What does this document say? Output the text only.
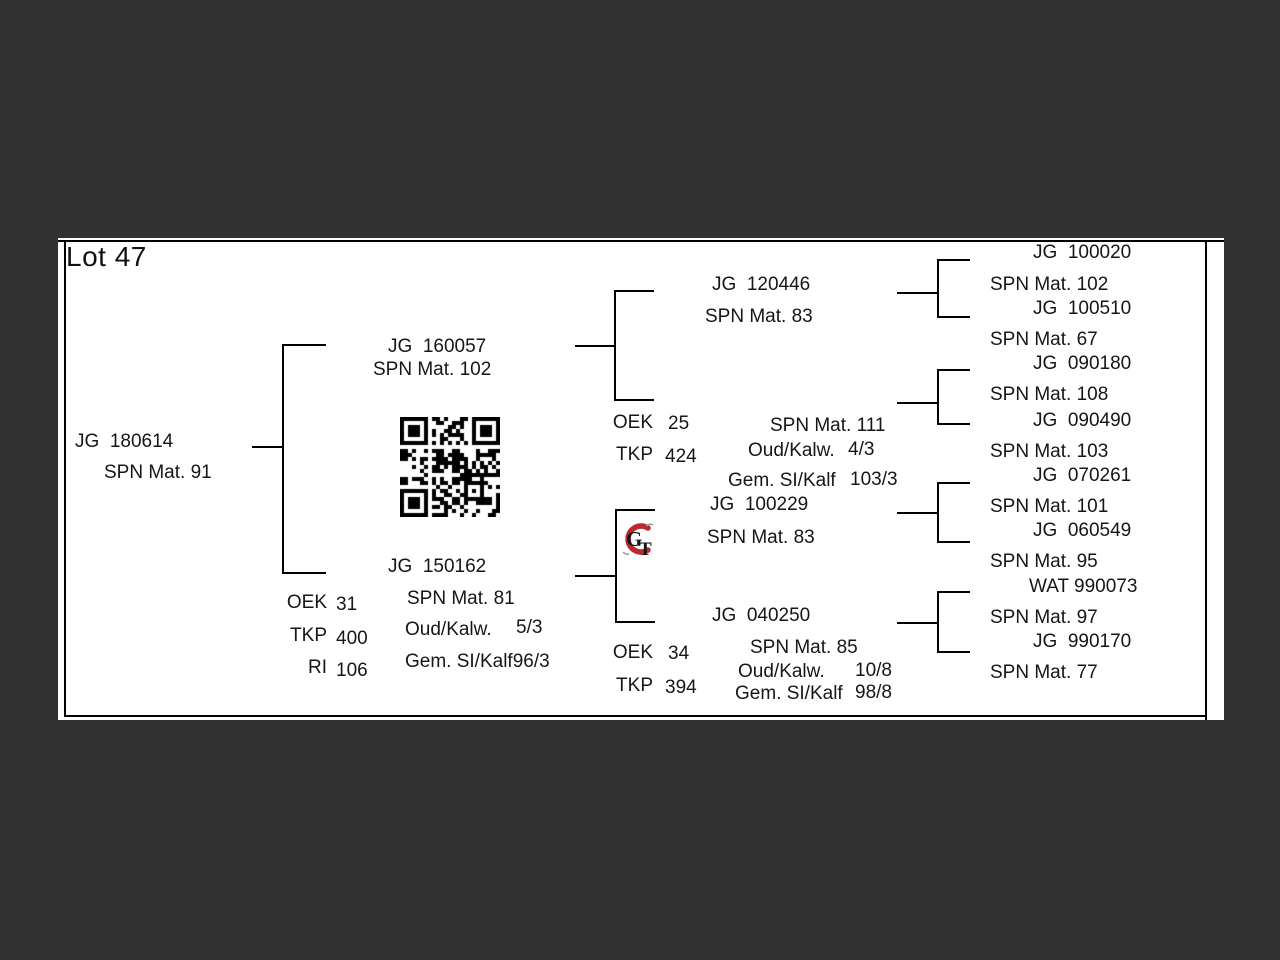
Lot 47
JG  180614
SPN Mat. 91
JG  160057
SPN Mat. 102
JG  150162
SPN Mat. 81
Oud/Kalw. 5/3
Gem. SI/Kalf96/3
OEK 31
TKP 400
RI 106
JG  120446
SPN Mat. 83
OEK 25
TKP 424
SPN Mat. 111
Oud/Kalw. 4/3
Gem. SI/Kalf 103/3
JG  100229
SPN Mat. 83
JG  040250
SPN Mat. 85
Oud/Kalw. 10/8
Gem. SI/Kalf 98/8
OEK 34
TKP 394
JG  100020
SPN Mat. 102
JG  100510
SPN Mat. 67
JG  090180
SPN Mat. 108
JG  090490
SPN Mat. 103
JG  070261
SPN Mat. 101
JG  060549
SPN Mat. 95
WAT 990073
SPN Mat. 97
JG  990170
SPN Mat. 77
G
T
